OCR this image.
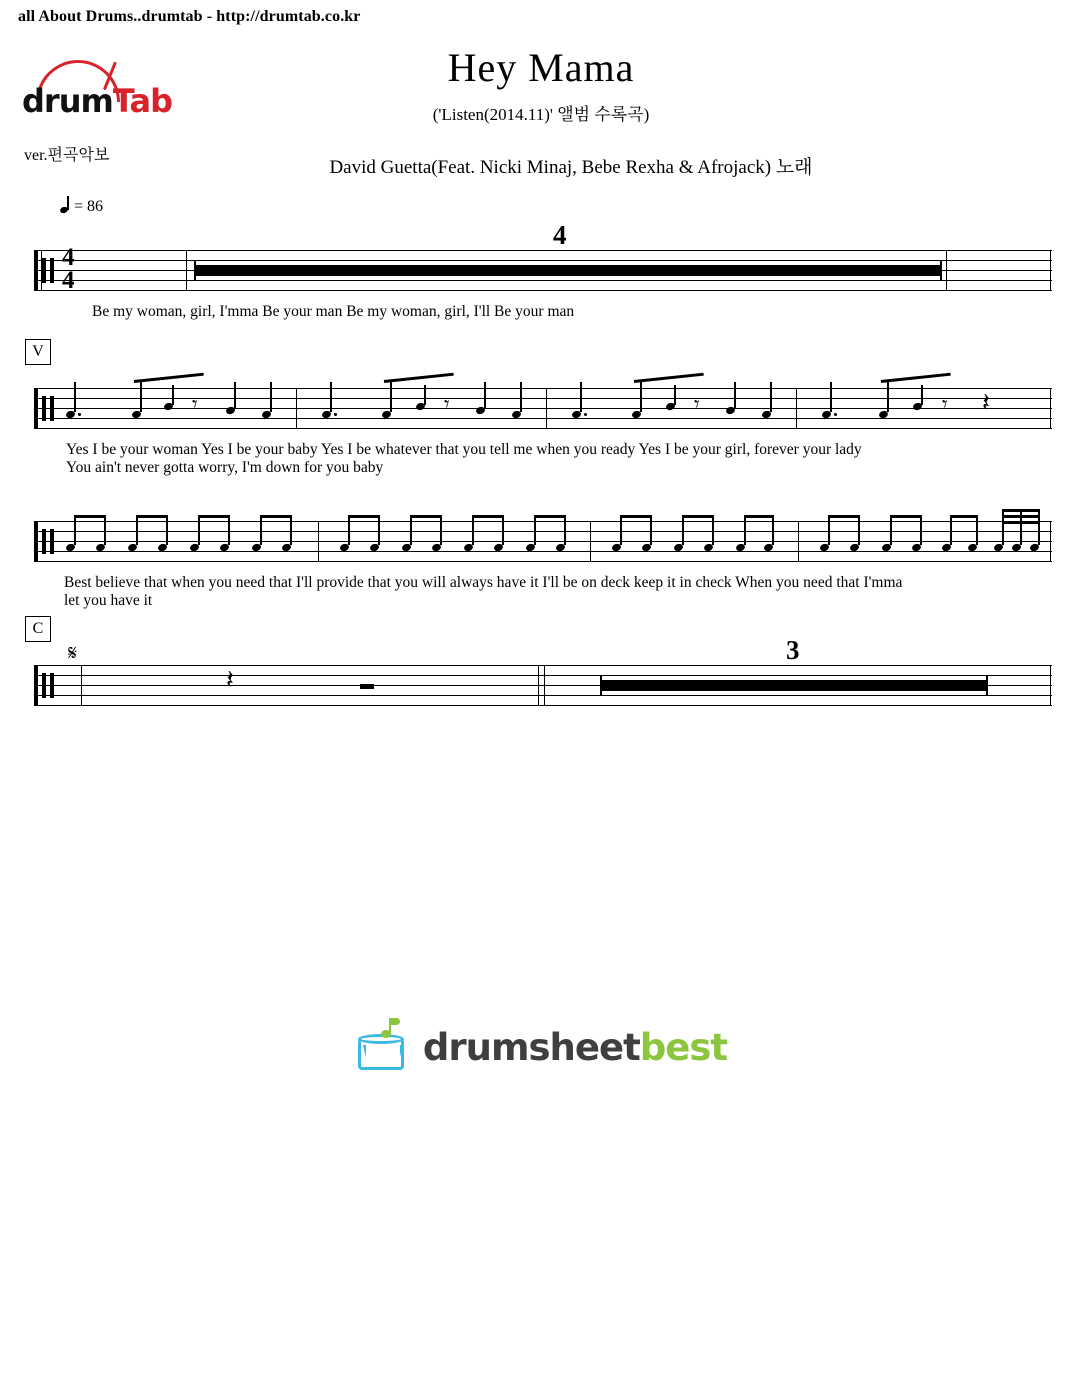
all About Drums..drumtab - http://drumtab.co.kr
drumTab
ver.편곡악보
Hey Mama
('Listen(2014.11)' 앨범 수록곡)
David Guetta(Feat. Nicki Minaj, Bebe Rexha & Afrojack) 노래
= 86
4
4
4
Be my woman, girl, I'mma Be your man Be my woman, girl, I'll Be your man
V
𝄾	𝄾	𝄾	𝄾 𝄽
Yes I be your woman Yes I be your baby Yes I be whatever that you tell me when you ready Yes I be your girl, forever your lady
You ain't never gotta worry, I'm down for you baby
Best believe that when you need that I'll provide that you will always have it I'll be on deck keep it in check When you need that I'mma
let you have it
C
𝄋
𝄽
3
drumsheetbest
